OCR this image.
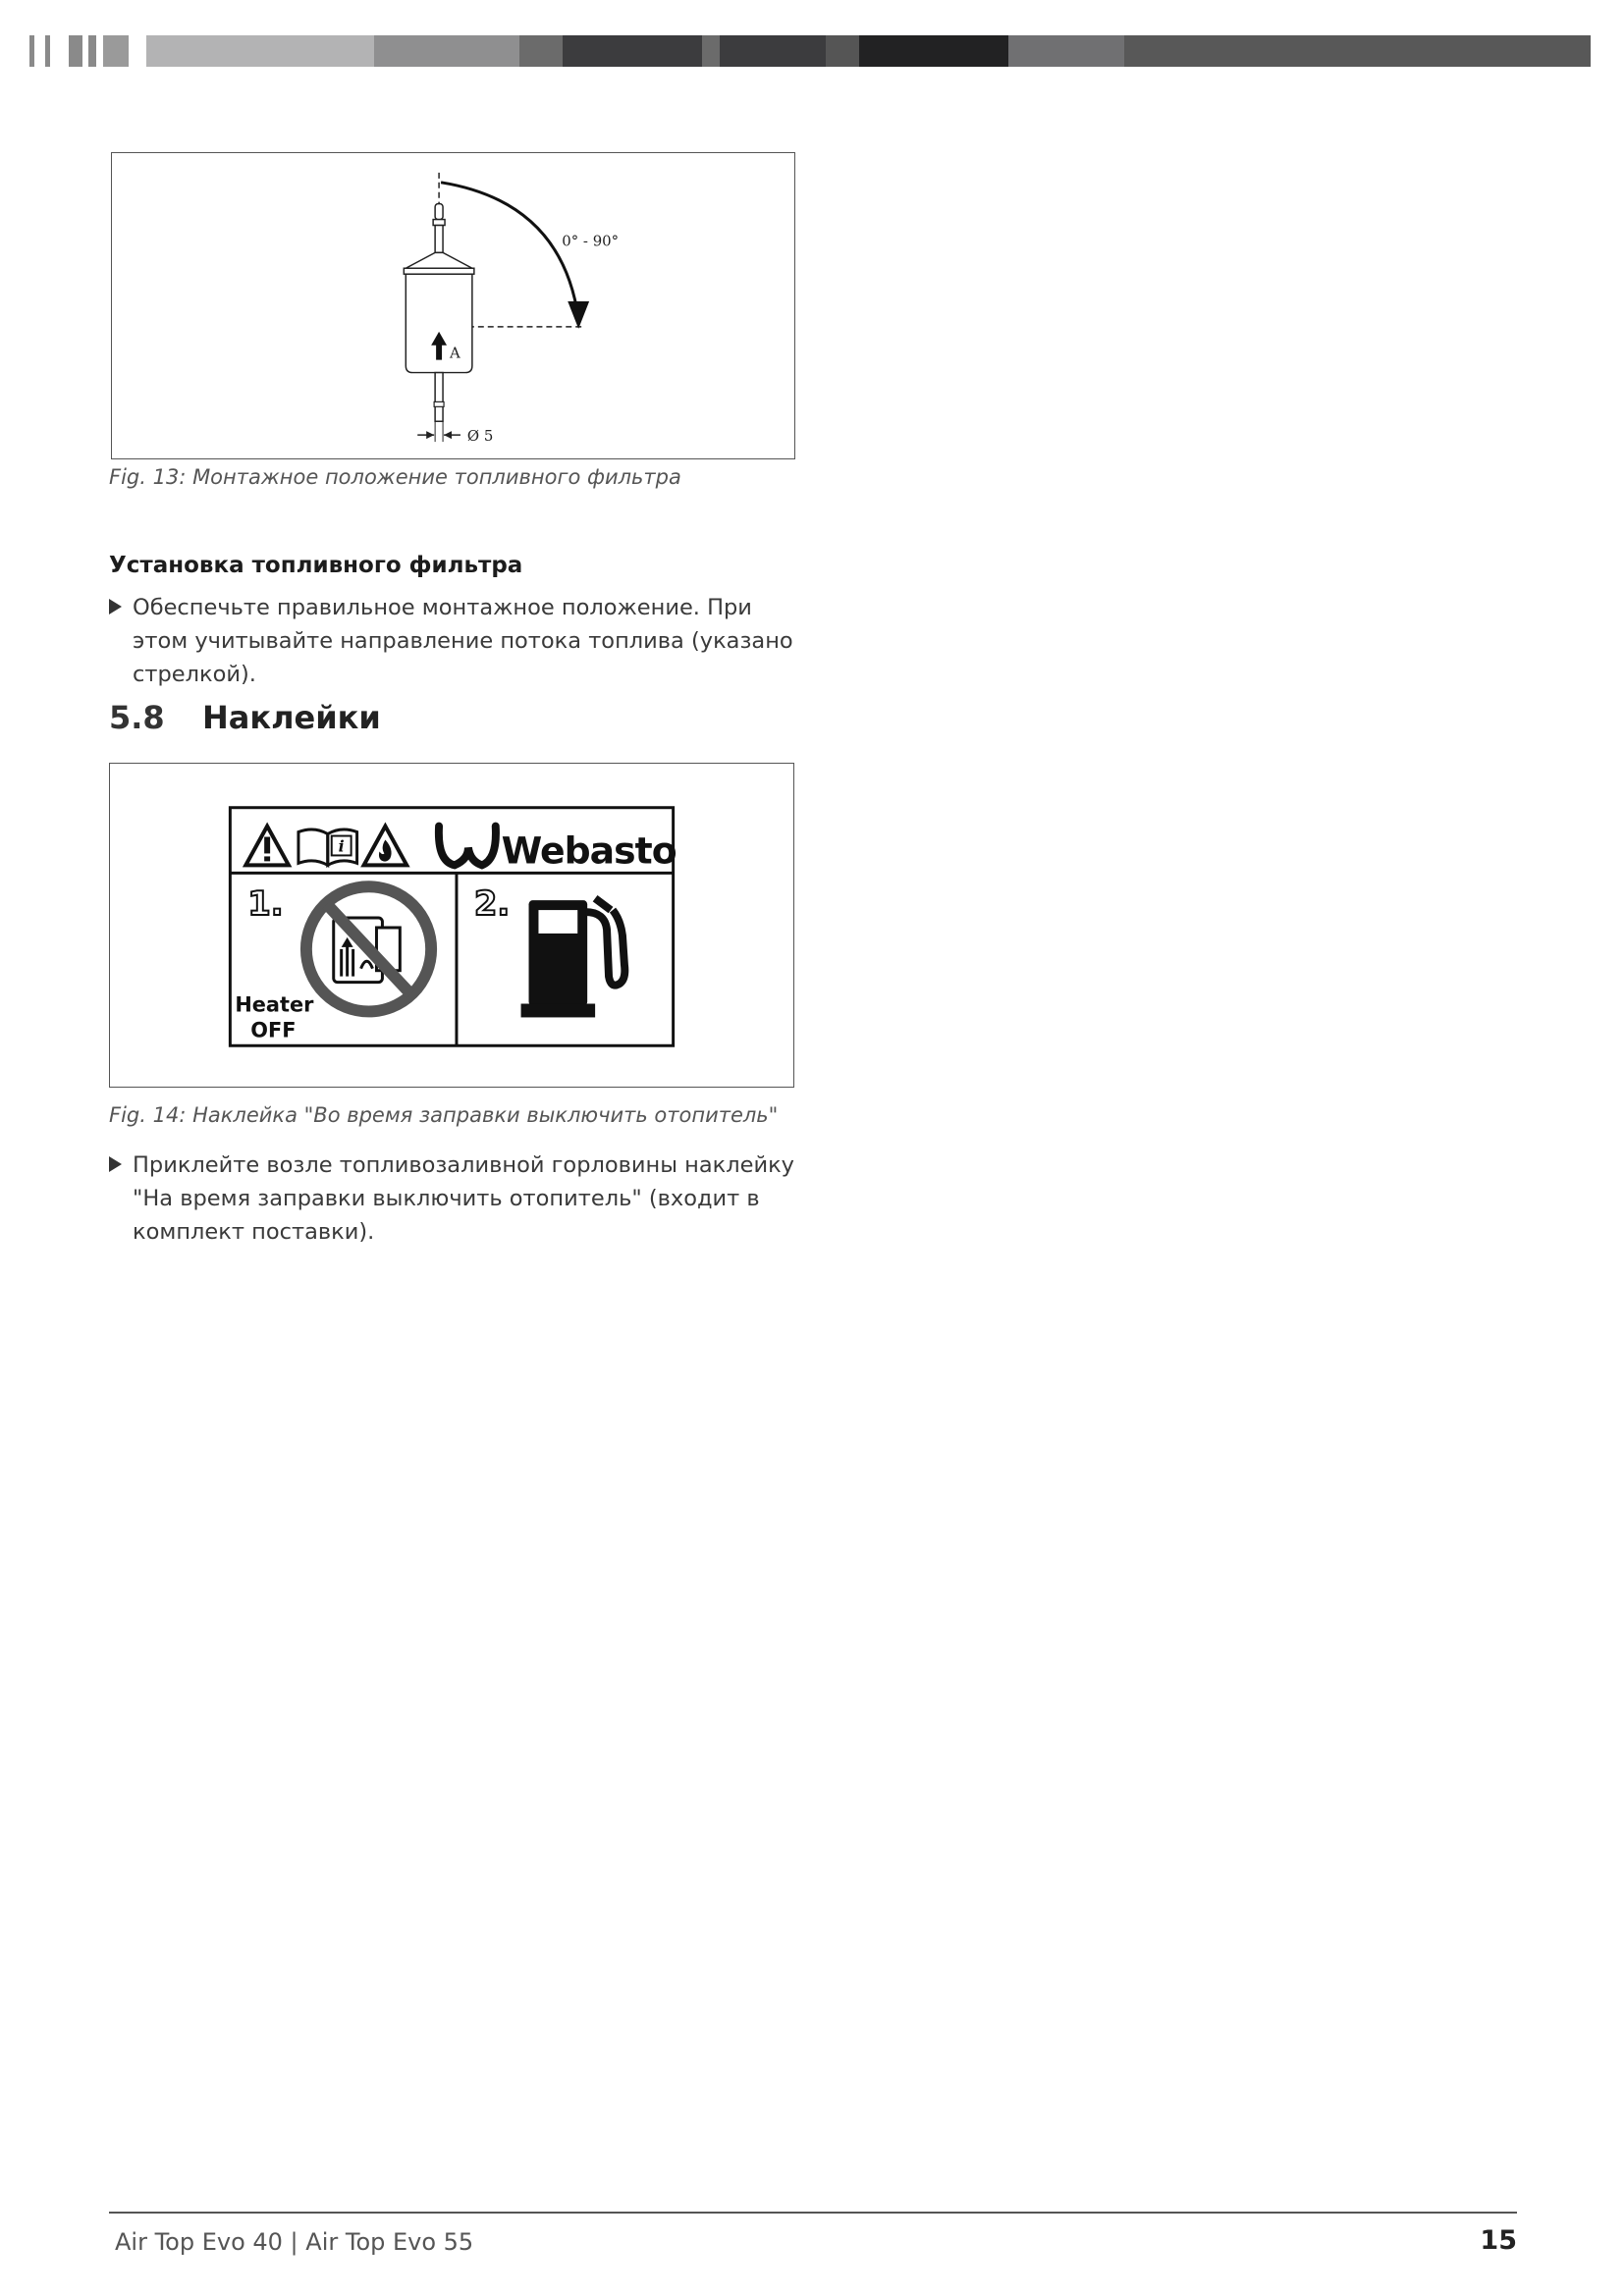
A
0° - 90°
Ø 5

Fig. 13: Монтажное положение топливного фильтра

Установка топливного фильтра

Обеспечьте правильное монтажное положение. При этом учитывайте направление потока топлива (указано стрелкой).

5.8 Наклейки
i	Webasto
1.
Heater
OFF
2.

Fig. 14: Наклейка "Во время заправки выключить отопитель"

Приклейте возле топливозаливной горловины наклейку "На время заправки выключить отопитель" (входит в комплект поставки).

Air Top Evo 40 | Air Top Evo 55	15
